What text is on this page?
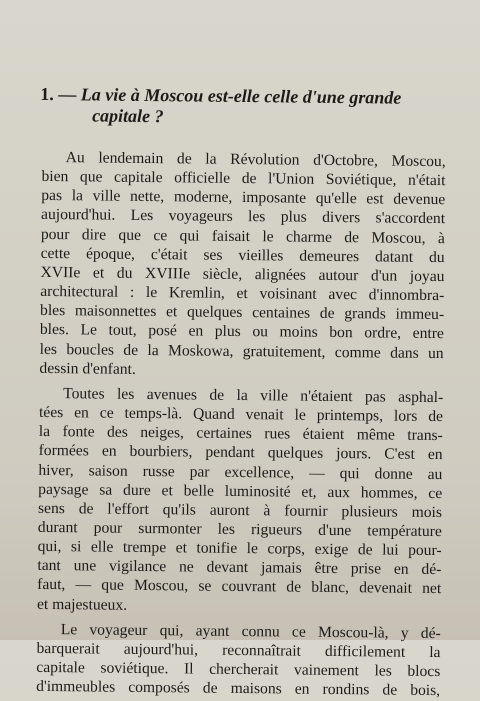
1. — La vie à Moscou est-elle celle d'une grande
capitale ?

Au lendemain de la Révolution d'Octobre, Moscou,
bien que capitale officielle de l'Union Soviétique, n'était
pas la ville nette, moderne, imposante qu'elle est devenue
aujourd'hui. Les voyageurs les plus divers s'accordent
pour dire que ce qui faisait le charme de Moscou, à
cette époque, c'était ses vieilles demeures datant du
XVIIe et du XVIIIe siècle, alignées autour d'un joyau
architectural : le Kremlin, et voisinant avec d'innombra-
bles maisonnettes et quelques centaines de grands immeu-
bles. Le tout, posé en plus ou moins bon ordre, entre
les boucles de la Moskowa, gratuitement, comme dans un
dessin d'enfant.

Toutes les avenues de la ville n'étaient pas asphal-
tées en ce temps-là. Quand venait le printemps, lors de
la fonte des neiges, certaines rues étaient même trans-
formées en bourbiers, pendant quelques jours. C'est en
hiver, saison russe par excellence, — qui donne au
paysage sa dure et belle luminosité et, aux hommes, ce
sens de l'effort qu'ils auront à fournir plusieurs mois
durant pour surmonter les rigueurs d'une température
qui, si elle trempe et tonifie le corps, exige de lui pour-
tant une vigilance ne devant jamais être prise en dé-
faut, — que Moscou, se couvrant de blanc, devenait net
et majestueux.

Le voyageur qui, ayant connu ce Moscou-là, y dé-
barquerait aujourd'hui, reconnaîtrait difficilement la
capitale soviétique. Il chercherait vainement les blocs
d'immeubles composés de maisons en rondins de bois,
